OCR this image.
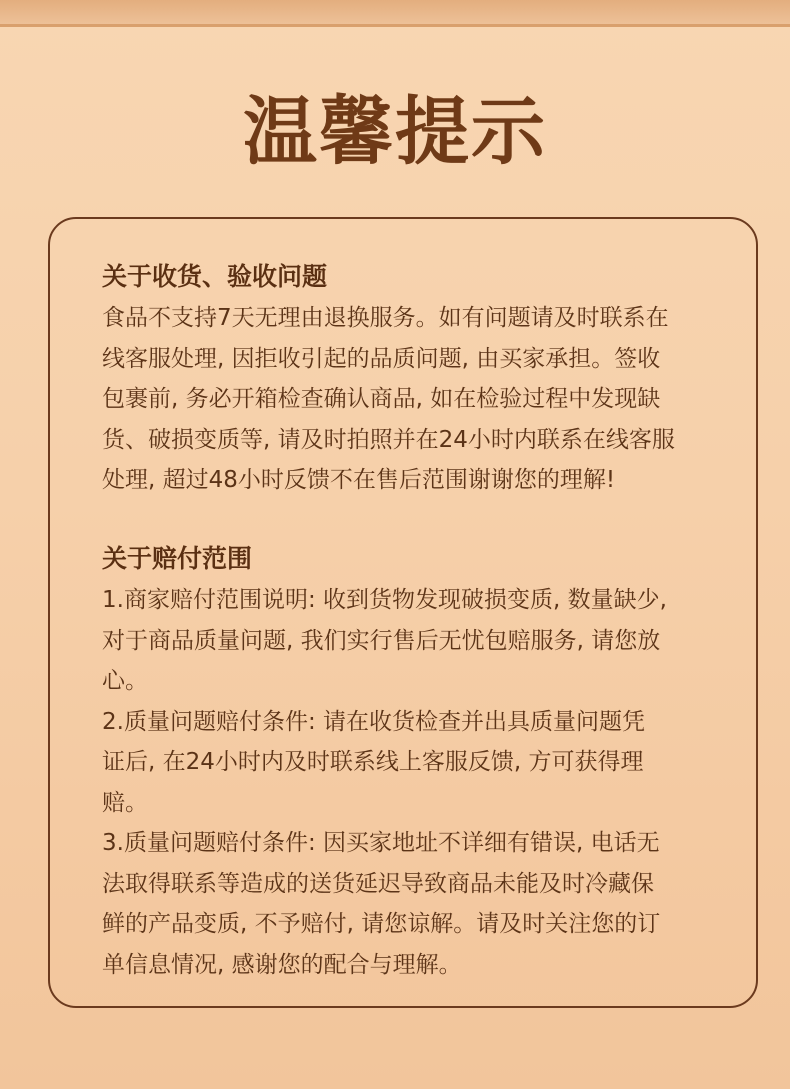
温馨提示
关于收货、验收问题

食品不支持7天无理由退换服务。如有问题请及时联系在

线客服处理, 因拒收引起的品质问题, 由买家承担。签收

包裹前, 务必开箱检查确认商品, 如在检验过程中发现缺

货、破损变质等, 请及时拍照并在24小时内联系在线客服

处理, 超过48小时反馈不在售后范围谢谢您的理解!

关于赔付范围

1.商家赔付范围说明: 收到货物发现破损变质, 数量缺少,

对于商品质量问题, 我们实行售后无忧包赔服务, 请您放

心。

2.质量问题赔付条件: 请在收货检查并出具质量问题凭

证后, 在24小时内及时联系线上客服反馈, 方可获得理

赔。

3.质量问题赔付条件: 因买家地址不详细有错误, 电话无

法取得联系等造成的送货延迟导致商品未能及时冷藏保

鲜的产品变质, 不予赔付, 请您谅解。请及时关注您的订

单信息情况, 感谢您的配合与理解。
